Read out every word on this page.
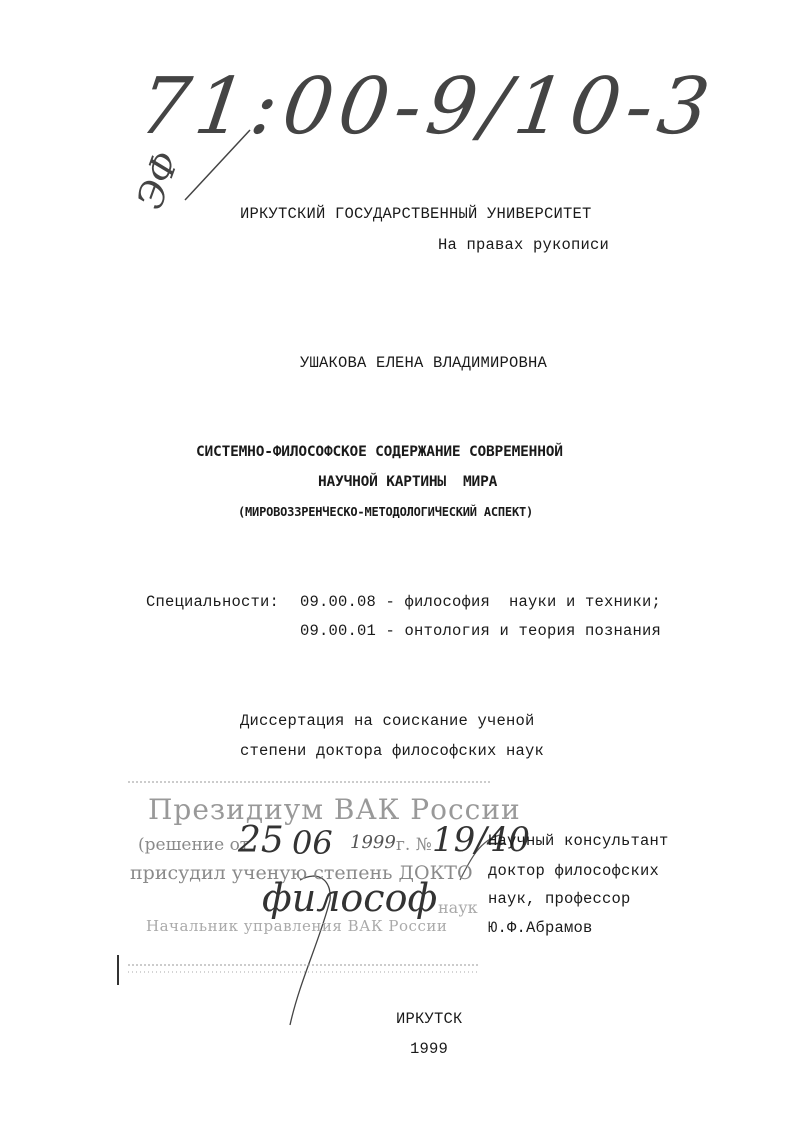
71:00-9/10-3
ЭФ	ИРКУТСКИЙ ГОСУДАРСТВЕННЫЙ УНИВЕРСИТЕТ
На правах рукописи
УШАКОВА ЕЛЕНА ВЛАДИМИРОВНА
СИСТЕМНО-ФИЛОСОФСКОЕ СОДЕРЖАНИЕ СОВРЕМЕННОЙ
НАУЧНОЙ КАРТИНЫ  МИРА
(МИРОВОЗЗРЕНЧЕСКО-МЕТОДОЛОГИЧЕСКИЙ АСПЕКТ)
Специальности: 09.00.08 - философия  науки и техники;
09.00.01 - онтология и теория познания
Диссертация на соискание ученой
степени доктора философских наук
Президиум ВАК России
(решение от
25 06 1999 г. № 19/40
присудил ученую степень ДОКТО
философ наук
Начальник управления ВАК России
Научный консультант
доктор философских
наук, профессор
Ю.Ф.Абрамов
ИРКУТСК
1999
